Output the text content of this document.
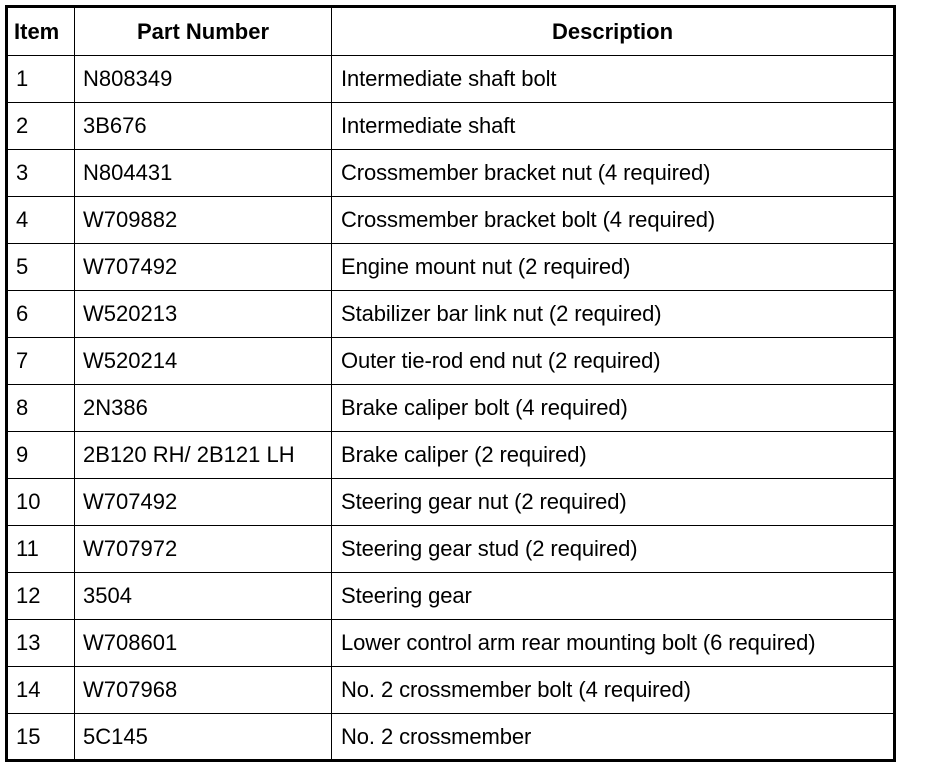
Item	Part Number	Description
1	N808349	Intermediate shaft bolt
2	3B676	Intermediate shaft
3	N804431	Crossmember bracket nut (4 required)
4	W709882	Crossmember bracket bolt (4 required)
5	W707492	Engine mount nut (2 required)
6	W520213	Stabilizer bar link nut (2 required)
7	W520214	Outer tie-rod end nut (2 required)
8	2N386	Brake caliper bolt (4 required)
9	2B120 RH/ 2B121 LH	Brake caliper (2 required)
10	W707492	Steering gear nut (2 required)
11	W707972	Steering gear stud (2 required)
12	3504	Steering gear
13	W708601	Lower control arm rear mounting bolt (6 required)
14	W707968	No. 2 crossmember bolt (4 required)
15	5C145	No. 2 crossmember
